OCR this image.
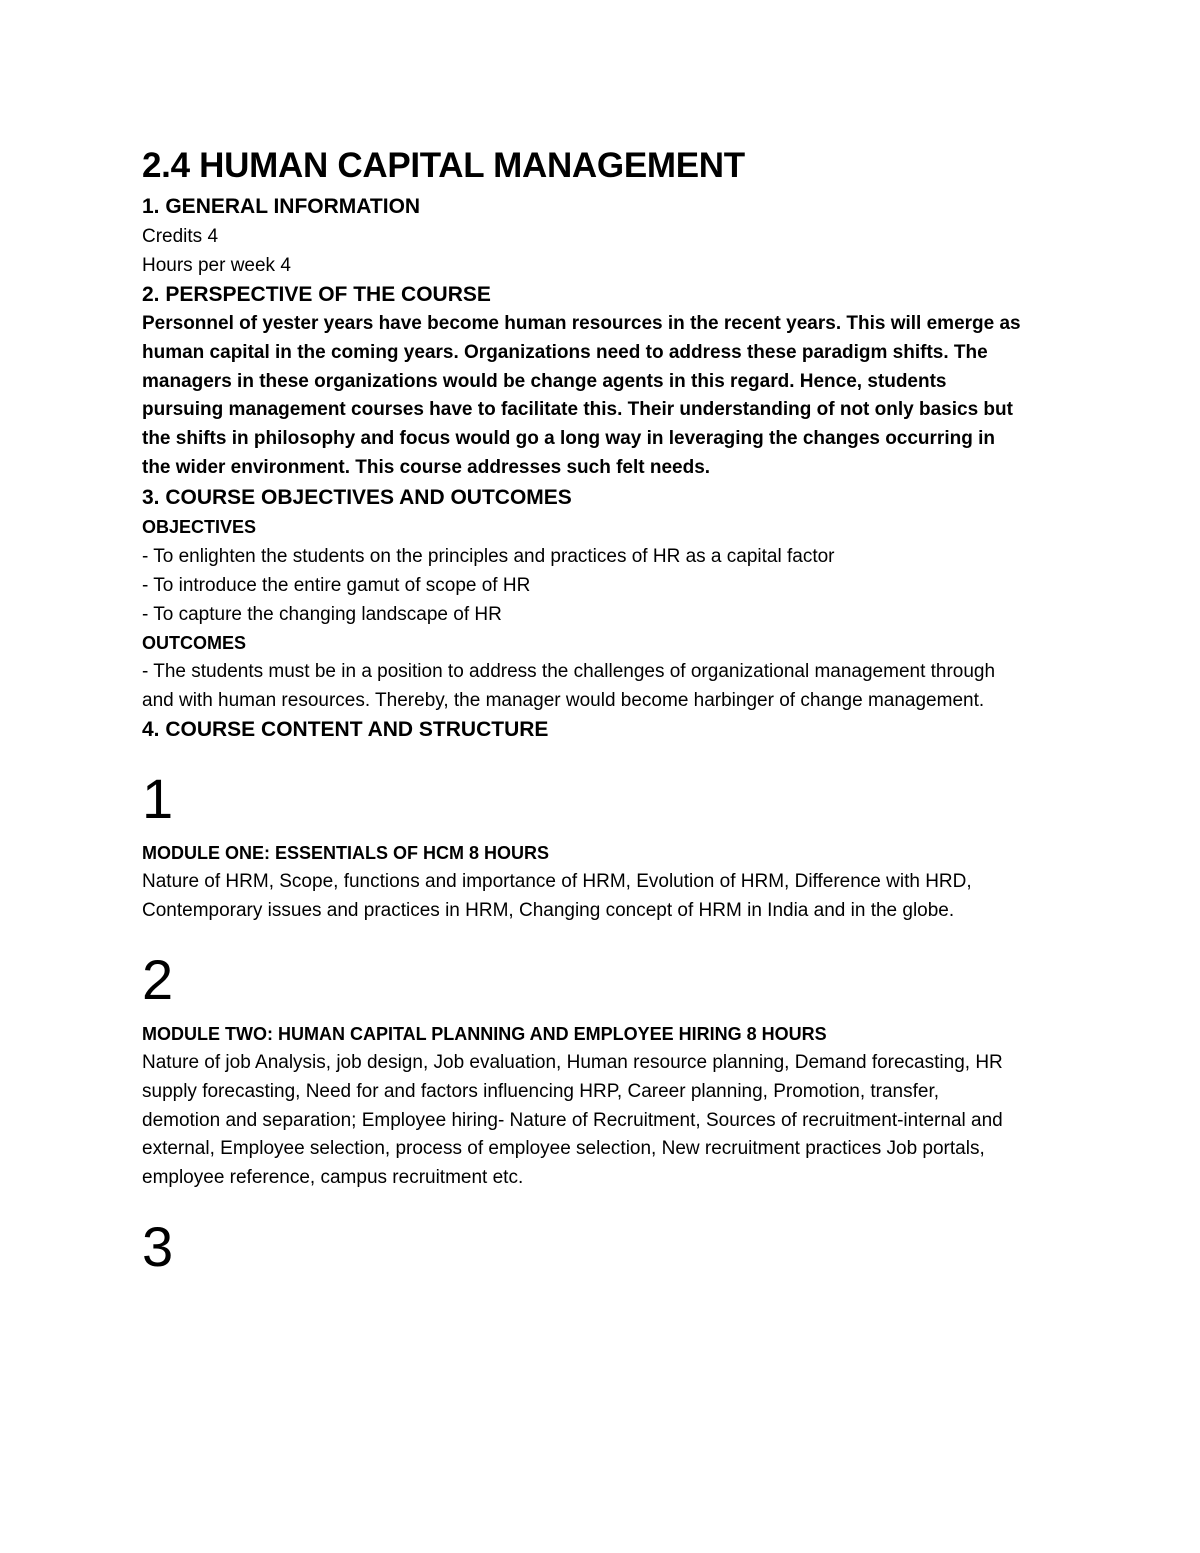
2.4 HUMAN CAPITAL MANAGEMENT
1. GENERAL INFORMATION

Credits 4

Hours per week 4

2. PERSPECTIVE OF THE COURSE

Personnel of yester years have become human resources in the recent years. This will emerge as human capital in the coming years. Organizations need to address these paradigm shifts. The managers in these organizations would be change agents in this regard. Hence, students pursuing management courses have to facilitate this. Their understanding of not only basics but the shifts in philosophy and focus would go a long way in leveraging the changes occurring in the wider environment. This course addresses such felt needs.

3. COURSE OBJECTIVES AND OUTCOMES

OBJECTIVES

- To enlighten the students on the principles and practices of HR as a capital factor

- To introduce the entire gamut of scope of HR

- To capture the changing landscape of HR

OUTCOMES

- The students must be in a position to address the challenges of organizational management through and with human resources. Thereby, the manager would become harbinger of change management.

4. COURSE CONTENT AND STRUCTURE

1

MODULE ONE: ESSENTIALS OF HCM 8 HOURS

Nature of HRM, Scope, functions and importance of HRM, Evolution of HRM, Difference with HRD, Contemporary issues and practices in HRM, Changing concept of HRM in India and in the globe.

2

MODULE TWO: HUMAN CAPITAL PLANNING AND EMPLOYEE HIRING 8 HOURS

Nature of job Analysis, job design, Job evaluation, Human resource planning, Demand forecasting, HR supply forecasting, Need for and factors influencing HRP, Career planning, Promotion, transfer, demotion and separation; Employee hiring- Nature of Recruitment, Sources of recruitment-internal and external, Employee selection, process of employee selection, New recruitment practices Job portals, employee reference, campus recruitment etc.

3
